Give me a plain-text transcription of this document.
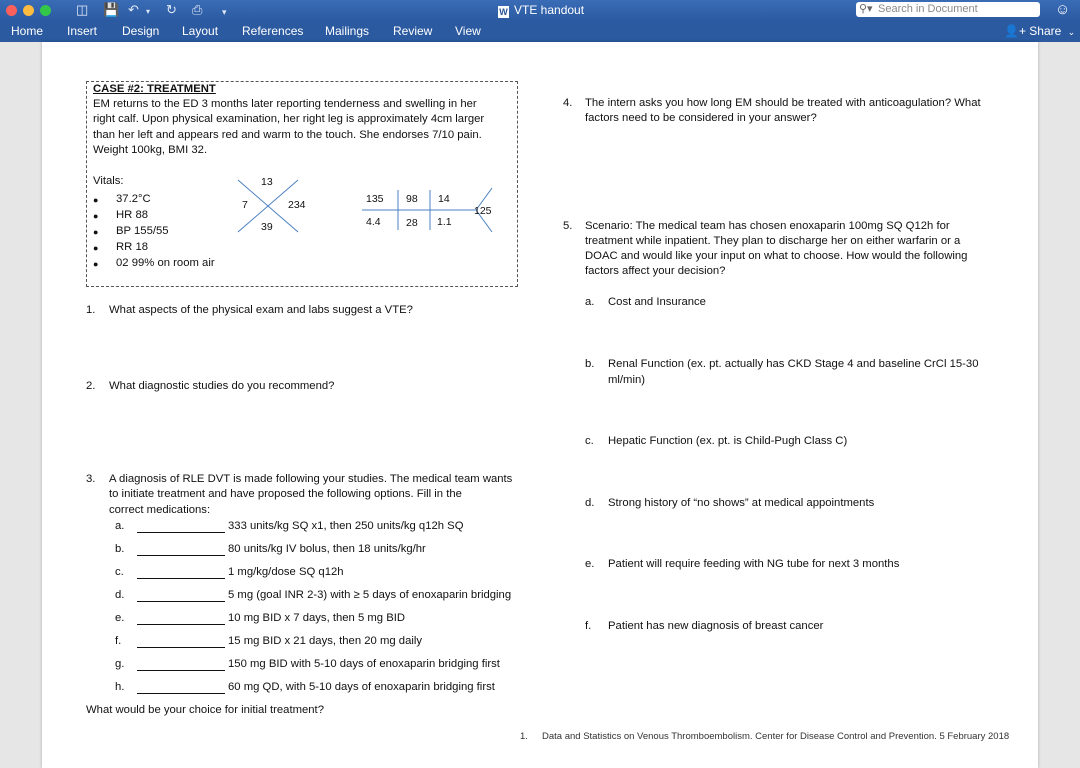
◫ 💾 ↶ ▾ ↻ ⎙ ▾	W VTE handout	⚲▾ Search in Document	☺
Home Insert Design Layout References Mailings Review View	👤+ Share ⌄
CASE #2: TREATMENT
EM returns to the ED 3 months later reporting tenderness and swelling in her
right calf. Upon physical examination, her right leg is approximately 4cm larger
than her left and appears red and warm to the touch. She endorses 7/10 pain.
Weight 100kg, BMI 32.
Vitals:
● 37.2°C
● HR 88
● BP 155/55
● RR 18
● 02 99% on room air
13
7	234
39
135 98 14
4.4 28 1.1
125
1. What aspects of the physical exam and labs suggest a VTE?
2. What diagnostic studies do you recommend?
3. A diagnosis of RLE DVT is made following your studies. The medical team wants
to initiate treatment and have proposed the following options. Fill in the
correct medications:
a.	333 units/kg SQ x1, then 250 units/kg q12h SQ
b.	80 units/kg IV bolus, then 18 units/kg/hr
c.	1 mg/kg/dose SQ q12h
d.	5 mg (goal INR 2-3) with ≥ 5 days of enoxaparin bridging
e.	10 mg BID x 7 days, then 5 mg BID
f.	15 mg BID x 21 days, then 20 mg daily
g.	150 mg BID with 5-10 days of enoxaparin bridging first
h.	60 mg QD, with 5-10 days of enoxaparin bridging first
What would be your choice for initial treatment?
4. The intern asks you how long EM should be treated with anticoagulation? What
factors need to be considered in your answer?
5. Scenario: The medical team has chosen enoxaparin 100mg SQ Q12h for
treatment while inpatient. They plan to discharge her on either warfarin or a
DOAC and would like your input on what to choose. How would the following
factors affect your decision?
a. Cost and Insurance
b. Renal Function (ex. pt. actually has CKD Stage 4 and baseline CrCl 15-30
ml/min)
c. Hepatic Function (ex. pt. is Child-Pugh Class C)
d. Strong history of “no shows” at medical appointments
e. Patient will require feeding with NG tube for next 3 months
f. Patient has new diagnosis of breast cancer
1. Data and Statistics on Venous Thromboembolism. Center for Disease Control and Prevention. 5 February 2018
